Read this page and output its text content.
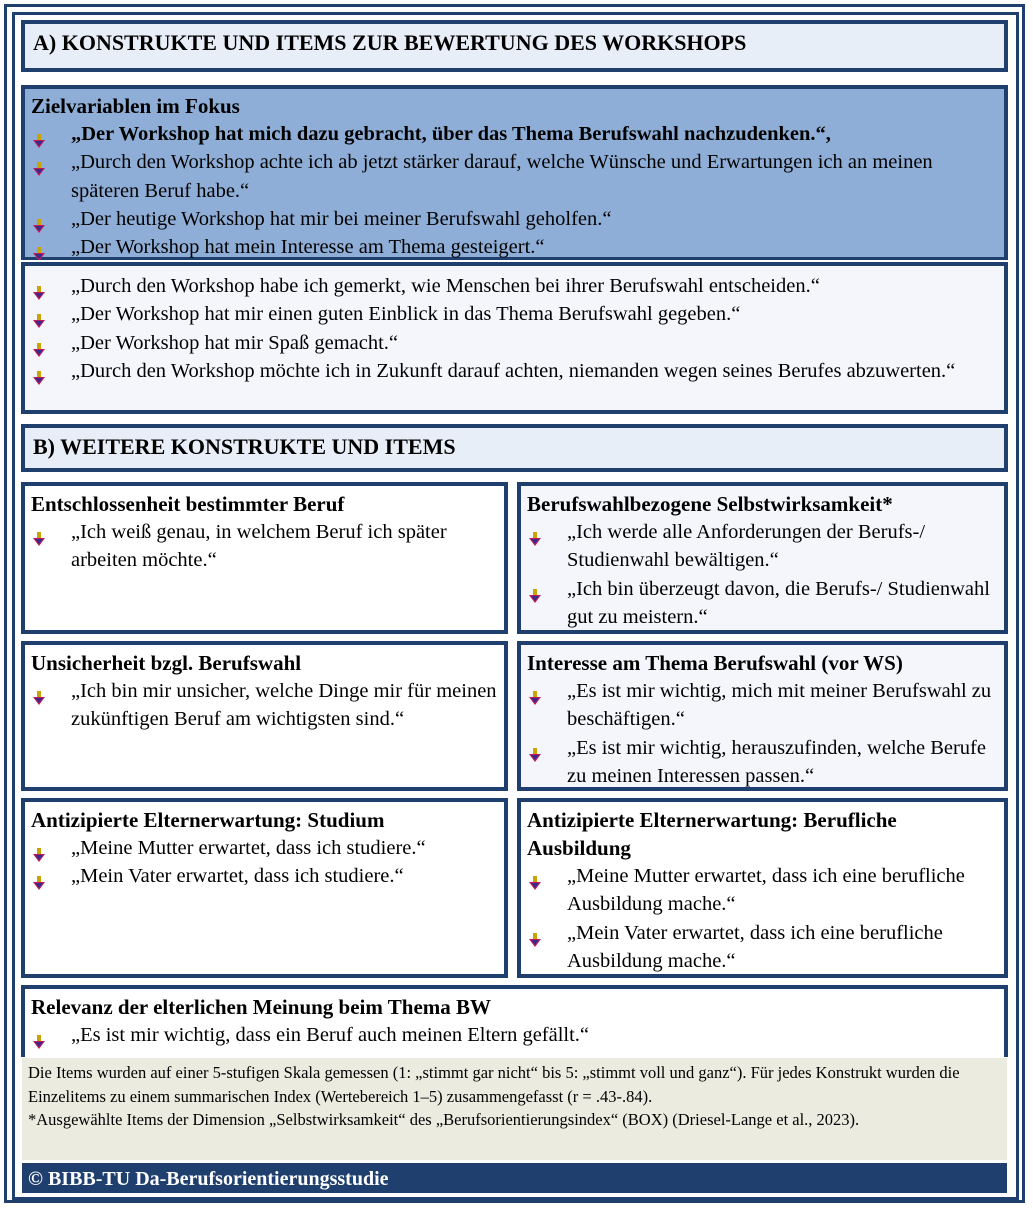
A) KONSTRUKTE UND ITEMS ZUR BEWERTUNG DES WORKSHOPS
Zielvariablen im Fokus
„Der Workshop hat mich dazu gebracht, über das Thema Berufswahl nachzudenken.“,
„Durch den Workshop achte ich ab jetzt stärker darauf, welche Wünsche und Erwartungen ich an meinen späteren Beruf habe.“
„Der heutige Workshop hat mir bei meiner Berufswahl geholfen.“
„Der Workshop hat mein Interesse am Thema gesteigert.“
„Durch den Workshop habe ich gemerkt, wie Menschen bei ihrer Berufswahl entscheiden.“
„Der Workshop hat mir einen guten Einblick in das Thema Berufswahl gegeben.“
„Der Workshop hat mir Spaß gemacht.“
„Durch den Workshop möchte ich in Zukunft darauf achten, niemanden wegen seines Berufes abzuwerten.“
B) WEITERE KONSTRUKTE UND ITEMS
Entschlossenheit bestimmter Beruf
„Ich weiß genau, in welchem Beruf ich später arbeiten möchte.“
Berufswahlbezogene Selbstwirksamkeit*
„Ich werde alle Anforderungen der Berufs-/ Studienwahl bewältigen.“
„Ich bin überzeugt davon, die Berufs-/ Studienwahl gut zu meistern.“
Unsicherheit bzgl. Berufswahl
„Ich bin mir unsicher, welche Dinge mir für meinen zukünftigen Beruf am wichtigsten sind.“
Interesse am Thema Berufswahl (vor WS)
„Es ist mir wichtig, mich mit meiner Berufswahl zu beschäftigen.“
„Es ist mir wichtig, herauszufinden, welche Berufe zu meinen Interessen passen.“
Antizipierte Elternerwartung: Studium
„Meine Mutter erwartet, dass ich studiere.“
„Mein Vater erwartet, dass ich studiere.“
Antizipierte Elternerwartung: Berufliche Ausbildung
„Meine Mutter erwartet, dass ich eine berufliche Ausbildung mache.“
„Mein Vater erwartet, dass ich eine berufliche Ausbildung mache.“
Relevanz der elterlichen Meinung beim Thema BW
„Es ist mir wichtig, dass ein Beruf auch meinen Eltern gefällt.“
Die Items wurden auf einer 5-stufigen Skala gemessen (1: „stimmt gar nicht“ bis 5: „stimmt voll und ganz“). Für jedes Konstrukt wurden die Einzelitems zu einem summarischen Index (Wertebereich 1–5) zusammengefasst (r = .43-.84).
*Ausgewählte Items der Dimension „Selbstwirksamkeit“ des „Berufsorientierungsindex“ (BOX) (Driesel-Lange et al., 2023).
© BIBB-TU Da-Berufsorientierungsstudie
